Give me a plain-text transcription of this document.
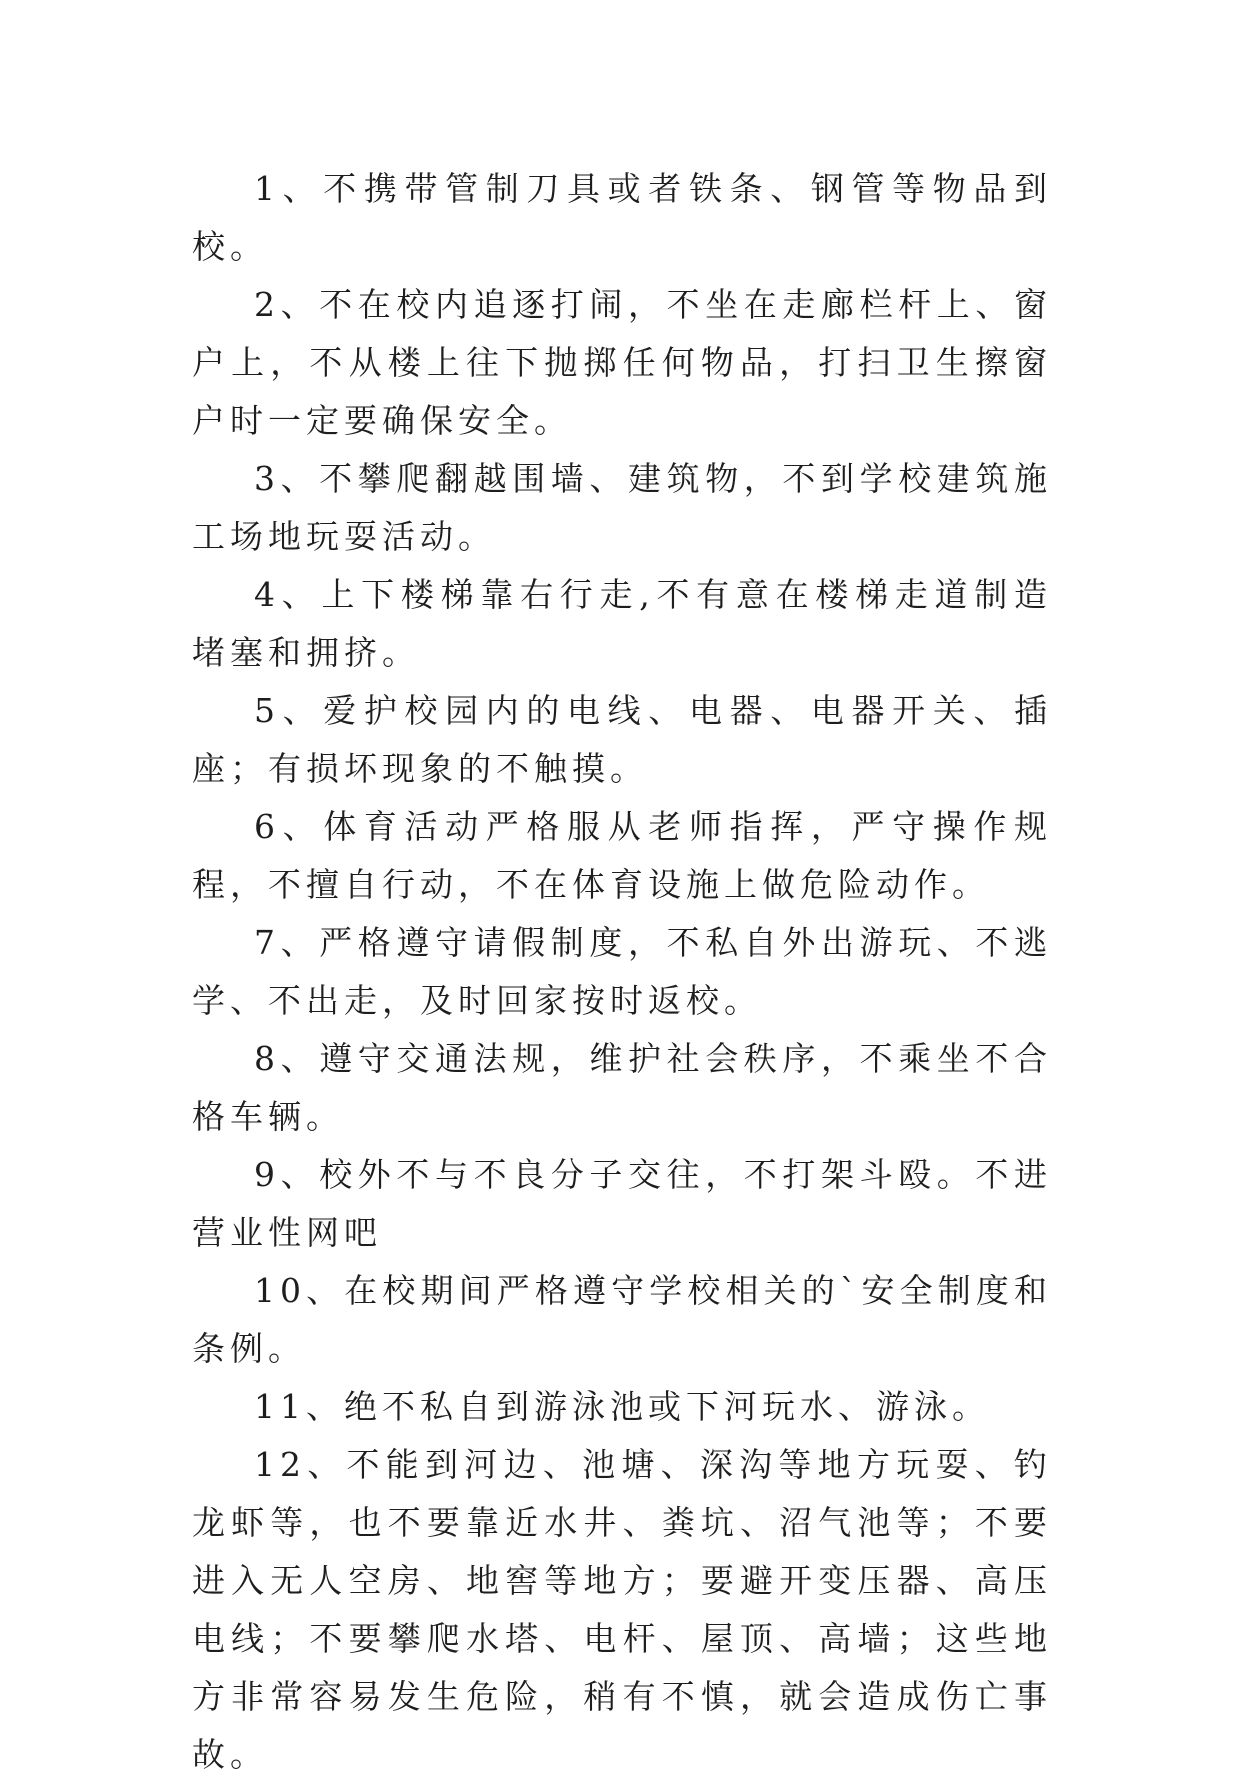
1、不携带管制刀具或者铁条、钢管等物品到校。

2、不在校内追逐打闹，不坐在走廊栏杆上、窗户上，不从楼上往下抛掷任何物品，打扫卫生擦窗户时一定要确保安全。

3、不攀爬翻越围墙、建筑物，不到学校建筑施工场地玩耍活动。

4、上下楼梯靠右行走,不有意在楼梯走道制造堵塞和拥挤。

5、爱护校园内的电线、电器、电器开关、插座；有损坏现象的不触摸。

6、体育活动严格服从老师指挥，严守操作规程，不擅自行动，不在体育设施上做危险动作。

7、严格遵守请假制度，不私自外出游玩、不逃学、不出走，及时回家按时返校。

8、遵守交通法规，维护社会秩序，不乘坐不合格车辆。

9、校外不与不良分子交往，不打架斗殴。不进营业性网吧

10、在校期间严格遵守学校相关的`安全制度和条例。

11、绝不私自到游泳池或下河玩水、游泳。

12、不能到河边、池塘、深沟等地方玩耍、钓龙虾等，也不要靠近水井、粪坑、沼气池等；不要进入无人空房、地窖等地方；要避开变压器、高压电线；不要攀爬水塔、电杆、屋顶、高墙；这些地方非常容易发生危险，稍有不慎，就会造成伤亡事故。
